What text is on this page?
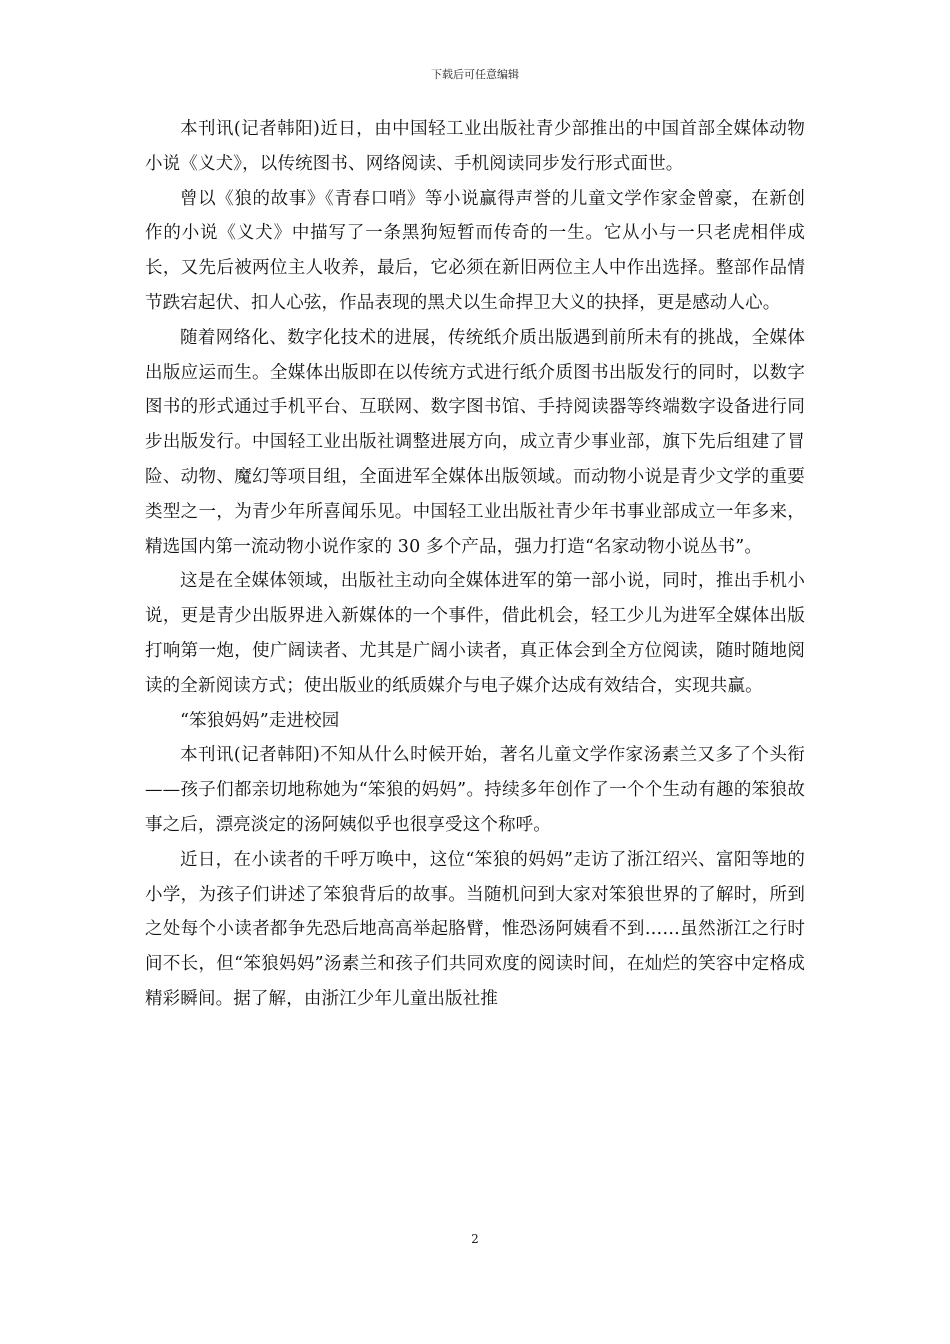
下载后可任意编辑

本刊讯(记者韩阳)近日，由中国轻工业出版社青少部推出的中国首部全媒体动物小说《义犬》，以传统图书、网络阅读、手机阅读同步发行形式面世。

曾以《狼的故事》《青春口哨》等小说赢得声誉的儿童文学作家金曾豪，在新创作的小说《义犬》中描写了一条黑狗短暂而传奇的一生。它从小与一只老虎相伴成长，又先后被两位主人收养，最后，它必须在新旧两位主人中作出选择。整部作品情节跌宕起伏、扣人心弦，作品表现的黑犬以生命捍卫大义的抉择，更是感动人心。

随着网络化、数字化技术的进展，传统纸介质出版遇到前所未有的挑战，全媒体出版应运而生。全媒体出版即在以传统方式进行纸介质图书出版发行的同时，以数字图书的形式通过手机平台、互联网、数字图书馆、手持阅读器等终端数字设备进行同步出版发行。中国轻工业出版社调整进展方向，成立青少事业部，旗下先后组建了冒险、动物、魔幻等项目组，全面进军全媒体出版领域。而动物小说是青少文学的重要类型之一，为青少年所喜闻乐见。中国轻工业出版社青少年书事业部成立一年多来，精选国内第一流动物小说作家的 30 多个产品，强力打造“名家动物小说丛书”。

这是在全媒体领域，出版社主动向全媒体进军的第一部小说，同时，推出手机小说，更是青少出版界进入新媒体的一个事件，借此机会，轻工少儿为进军全媒体出版打响第一炮，使广阔读者、尤其是广阔小读者，真正体会到全方位阅读，随时随地阅读的全新阅读方式；使出版业的纸质媒介与电子媒介达成有效结合，实现共赢。

“笨狼妈妈”走进校园

本刊讯(记者韩阳)不知从什么时候开始，著名儿童文学作家汤素兰又多了个头衔——孩子们都亲切地称她为“笨狼的妈妈”。持续多年创作了一个个生动有趣的笨狼故事之后，漂亮淡定的汤阿姨似乎也很享受这个称呼。

近日，在小读者的千呼万唤中，这位“笨狼的妈妈”走访了浙江绍兴、富阳等地的小学，为孩子们讲述了笨狼背后的故事。当随机问到大家对笨狼世界的了解时，所到之处每个小读者都争先恐后地高高举起胳臂，惟恐汤阿姨看不到……虽然浙江之行时间不长，但“笨狼妈妈”汤素兰和孩子们共同欢度的阅读时间，在灿烂的笑容中定格成精彩瞬间。据了解，由浙江少年儿童出版社推

2
